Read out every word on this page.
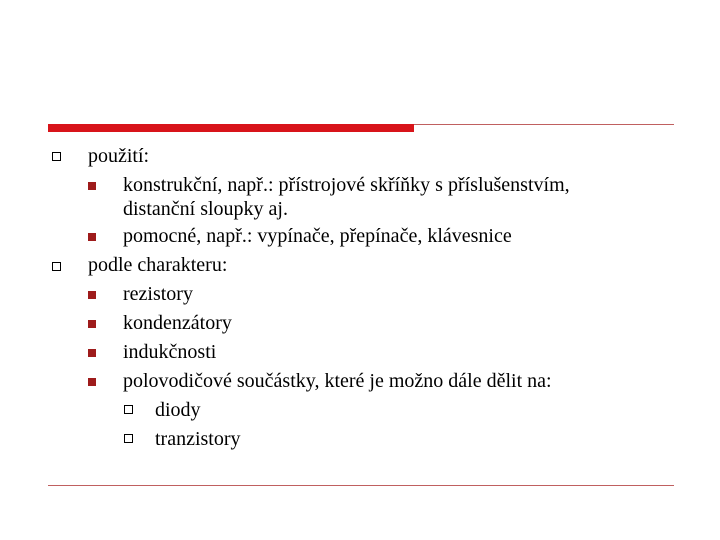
použití:
konstrukční, např.: přístrojové skříňky s příslušenstvím,
distanční sloupky aj.
pomocné, např.: vypínače, přepínače, klávesnice
podle charakteru:
rezistory
kondenzátory
indukčnosti
polovodičové součástky, které je možno dále dělit na:
diody
tranzistory
